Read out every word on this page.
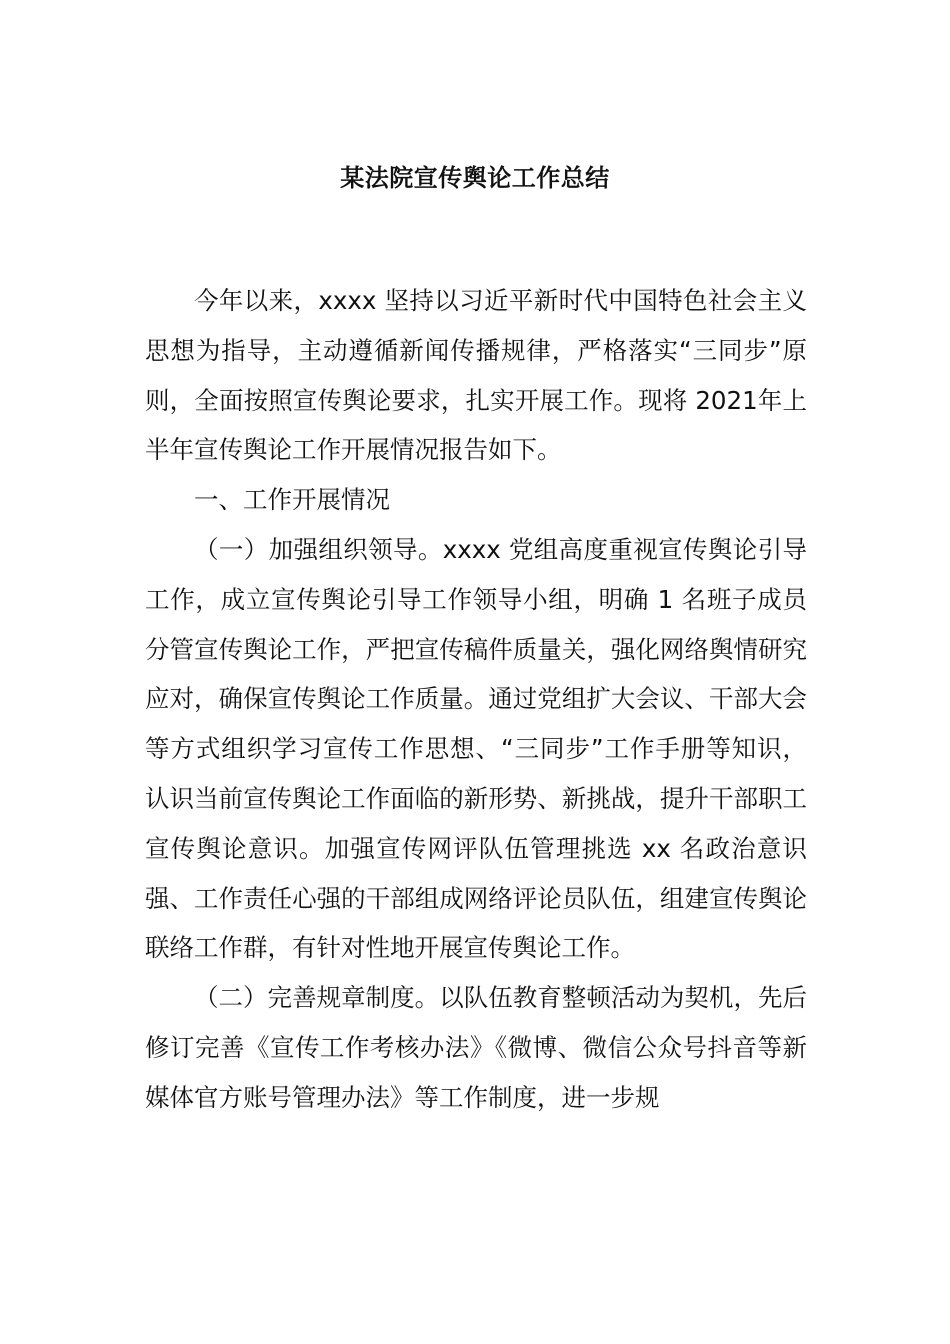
某法院宣传舆论工作总结

今年以来，xxxx 坚持以习近平新时代中国特色社会主义思想为指导，主动遵循新闻传播规律，严格落实“三同步”原则，全面按照宣传舆论要求，扎实开展工作。现将 2021年上半年宣传舆论工作开展情况报告如下。

一、工作开展情况

（一）加强组织领导。xxxx 党组高度重视宣传舆论引导工作，成立宣传舆论引导工作领导小组，明确 1 名班子成员分管宣传舆论工作，严把宣传稿件质量关，强化网络舆情研究应对，确保宣传舆论工作质量。通过党组扩大会议、干部大会等方式组织学习宣传工作思想、“三同步”工作手册等知识，认识当前宣传舆论工作面临的新形势、新挑战，提升干部职工宣传舆论意识。加强宣传网评队伍管理挑选 xx 名政治意识强、工作责任心强的干部组成网络评论员队伍，组建宣传舆论联络工作群，有针对性地开展宣传舆论工作。

（二）完善规章制度。以队伍教育整顿活动为契机，先后修订完善《宣传工作考核办法》《微博、微信公众号抖音等新媒体官方账号管理办法》等工作制度，进一步规
